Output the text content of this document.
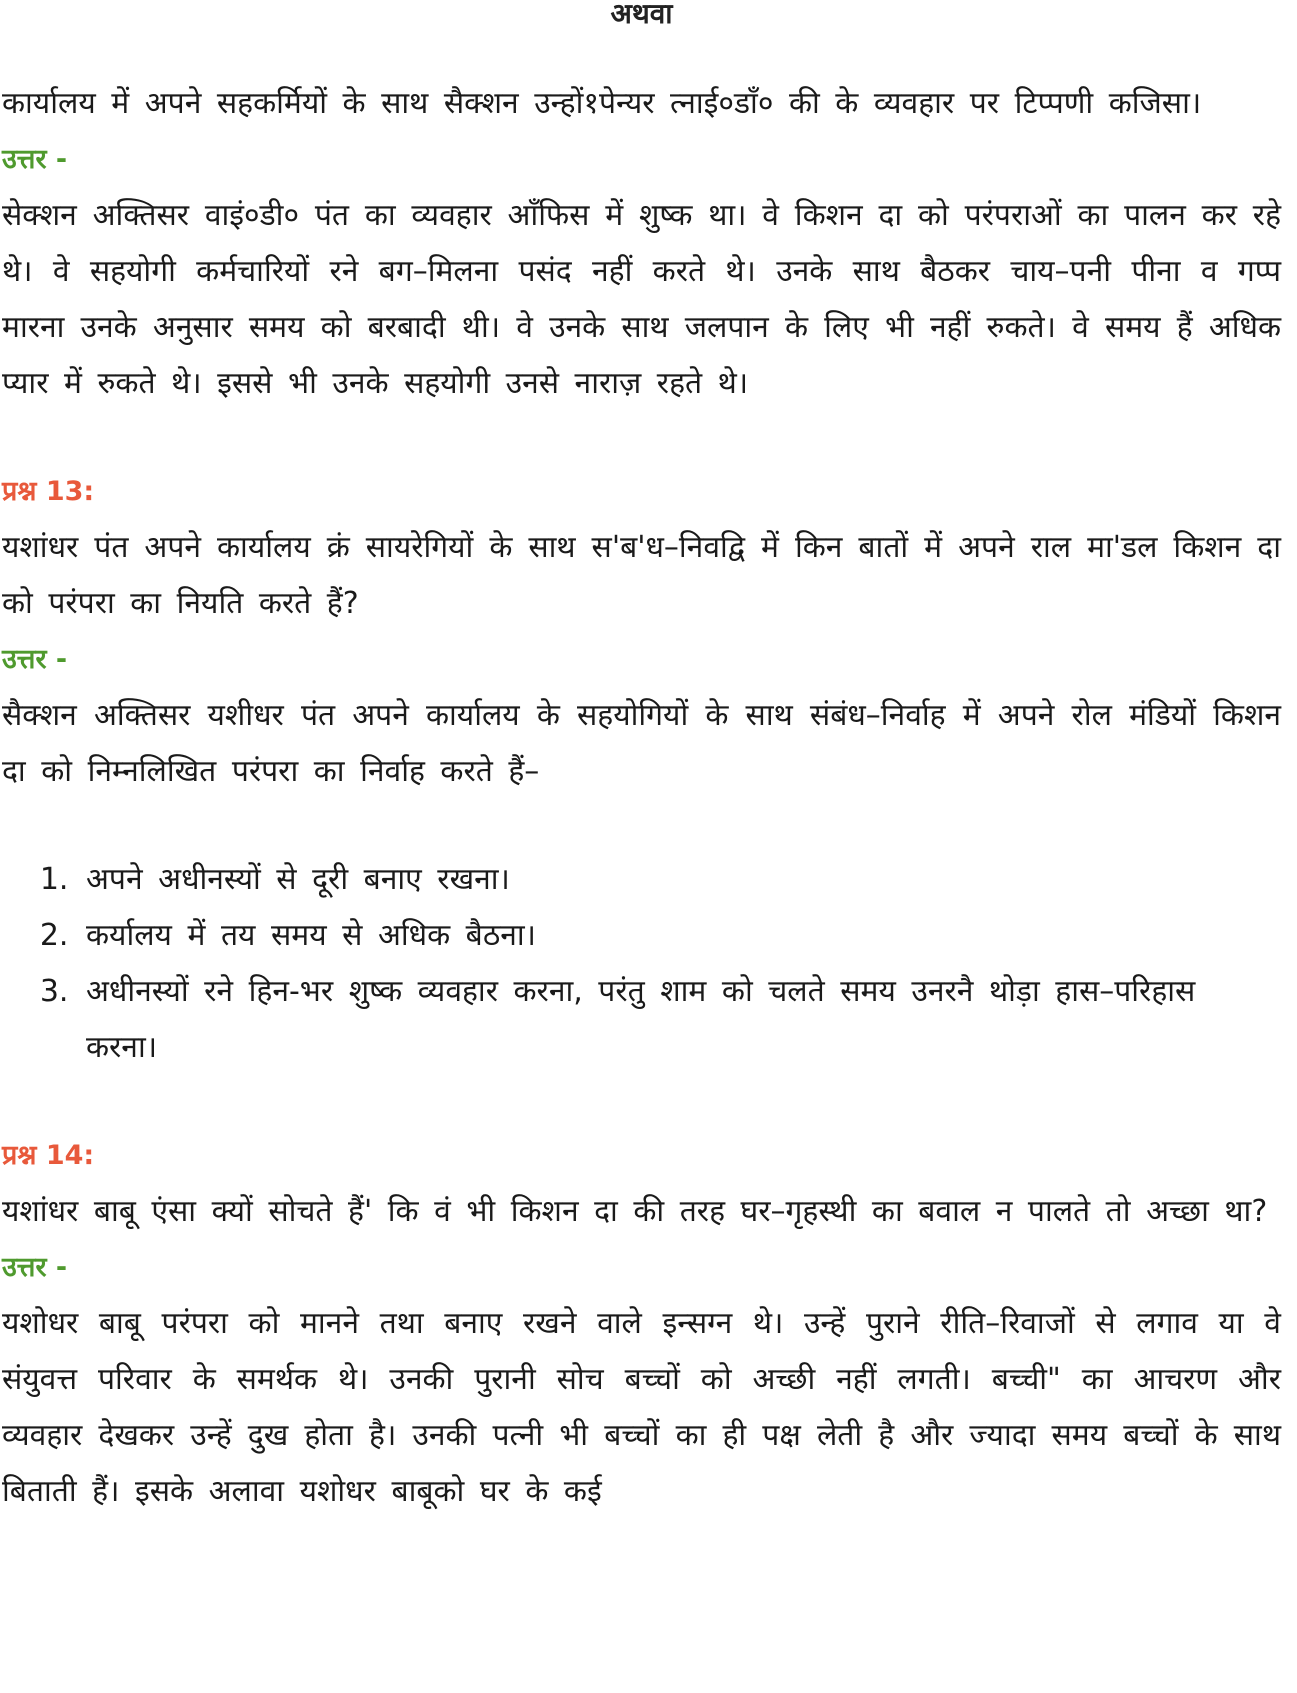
अथवा

कार्यालय में अपने सहकर्मियों के साथ सैक्शन उन्हों१पेन्यर त्नाई०डाँ० की के व्यवहार पर टिप्पणी कजिसा।

उत्तर -

सेक्शन अक्तिसर वाइं०डी० पंत का व्यवहार आँफिस में शुष्क था। वे किशन दा को परंपराओं का पालन कर रहे थे। वे सहयोगी कर्मचारियों रने बग–मिलना पसंद नहीं करते थे। उनके साथ बैठकर चाय–पनी पीना व गप्प मारना उनके अनुसार समय को बरबादी थी। वे उनके साथ जलपान के लिए भी नहीं रुकते। वे समय हैं अधिक प्यार में रुकते थे। इससे भी उनके सहयोगी उनसे नाराज़ रहते थे।

प्रश्न 13:

यशांधर पंत अपने कार्यालय क्रं सायरेगियों के साथ स'ब'ध–निवद्वि में किन बातों में अपने राल मा'डल किशन दा को परंपरा का नियति करते हैं?

उत्तर -

सैक्शन अक्तिसर यशीधर पंत अपने कार्यालय के सहयोगियों के साथ संबंध–निर्वाह में अपने रोल मंडियों किशन दा को निम्नलिखित परंपरा का निर्वाह करते हैं–

1. अपने अधीनस्यों से दूरी बनाए रखना।
2. कर्यालय में तय समय से अधिक बैठना।
3. अधीनस्यों रने हिन-भर शुष्क व्यवहार करना, परंतु शाम को चलते समय उनरनै थोड़ा हास–परिहास करना।
प्रश्न 14:

यशांधर बाबू एंसा क्यों सोचते हैं' कि वं भी किशन दा की तरह घर–गृहस्थी का बवाल न पालते तो अच्छा था?

उत्तर -

यशोधर बाबू परंपरा को मानने तथा बनाए रखने वाले इन्सग्न थे। उन्हें पुराने रीति–रिवाजों से लगाव या वे संयुवत्त परिवार के समर्थक थे। उनकी पुरानी सोच बच्चों को अच्छी नहीं लगती। बच्ची" का आचरण और व्यवहार देखकर उन्हें दुख होता है। उनकी पत्नी भी बच्चों का ही पक्ष लेती है और ज्यादा समय बच्चों के साथ बिताती हैं। इसके अलावा यशोधर बाबूको घर के कई
